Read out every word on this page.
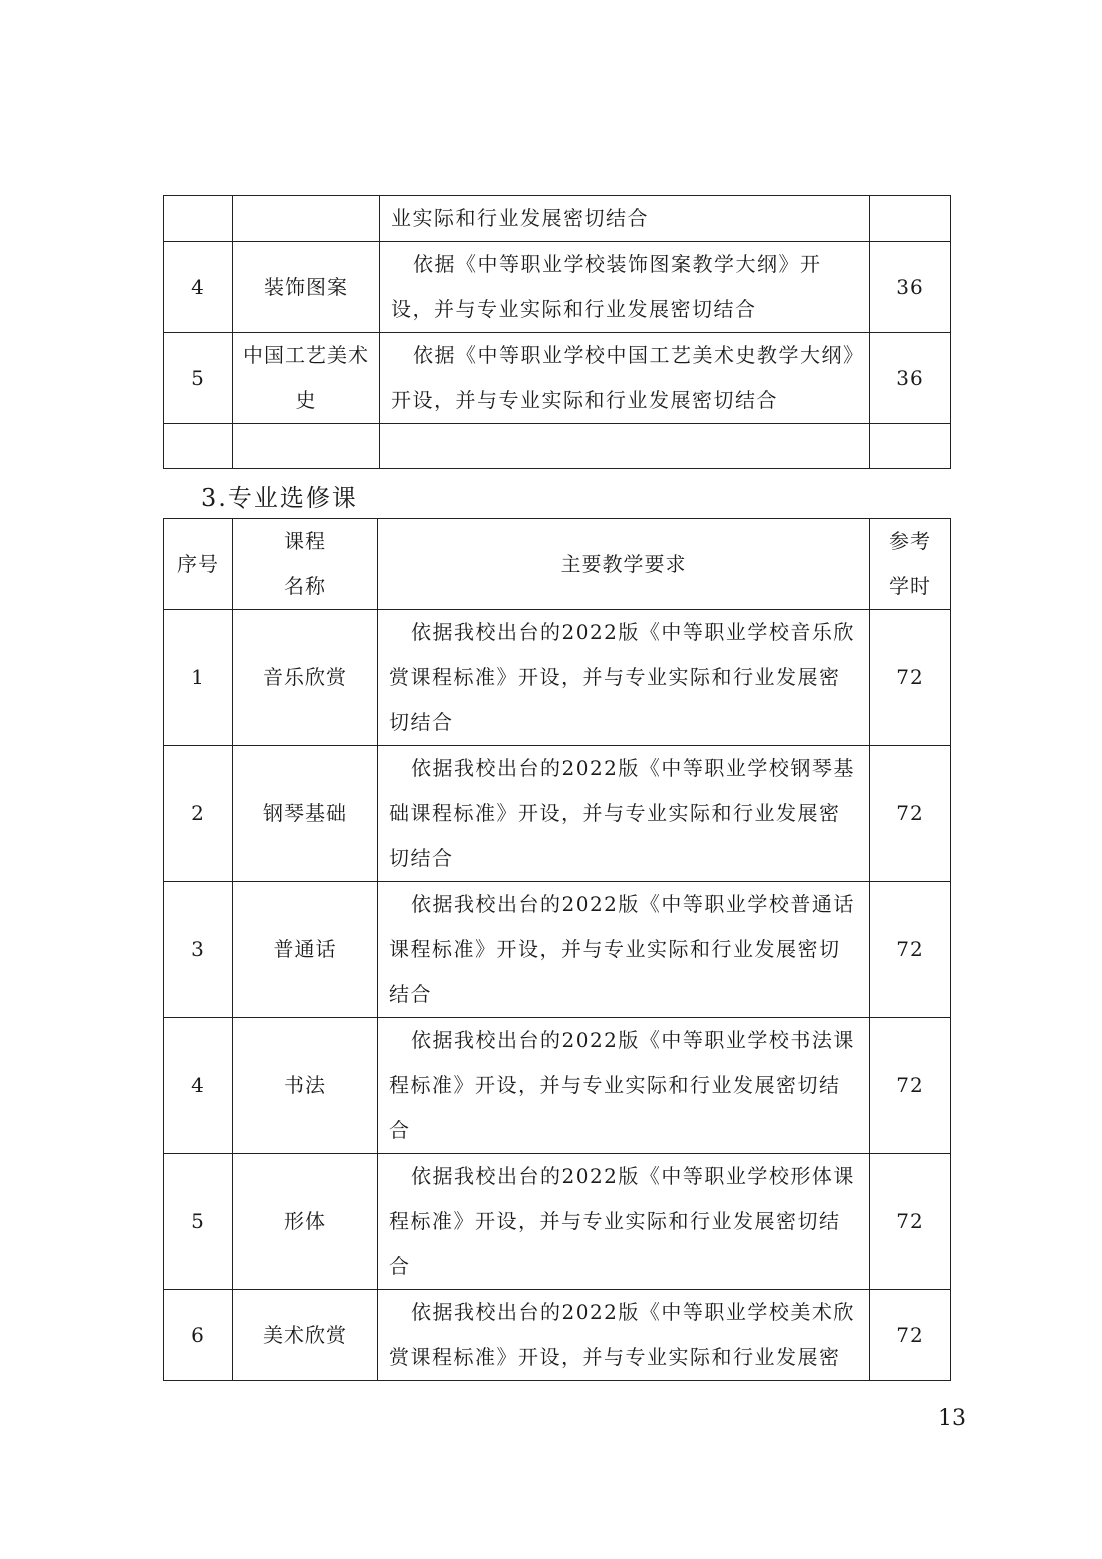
		业实际和行业发展密切结合	
4	装饰图案	依据《中等职业学校装饰图案教学大纲》开设，并与专业实际和行业发展密切结合	36
5	中国工艺美术史	依据《中等职业学校中国工艺美术史教学大纲》开设，并与专业实际和行业发展密切结合	36

3.专业选修课
序号	课程名称	主要教学要求	参考学时
1	音乐欣赏	依据我校出台的2022版《中等职业学校音乐欣赏课程标准》开设，并与专业实际和行业发展密切结合	72
2	钢琴基础	依据我校出台的2022版《中等职业学校钢琴基础课程标准》开设，并与专业实际和行业发展密切结合	72
3	普通话	依据我校出台的2022版《中等职业学校普通话课程标准》开设，并与专业实际和行业发展密切结合	72
4	书法	依据我校出台的2022版《中等职业学校书法课程标准》开设，并与专业实际和行业发展密切结合	72
5	形体	依据我校出台的2022版《中等职业学校形体课程标准》开设，并与专业实际和行业发展密切结合	72
6	美术欣赏	依据我校出台的2022版《中等职业学校美术欣赏课程标准》开设，并与专业实际和行业发展密	72
13
